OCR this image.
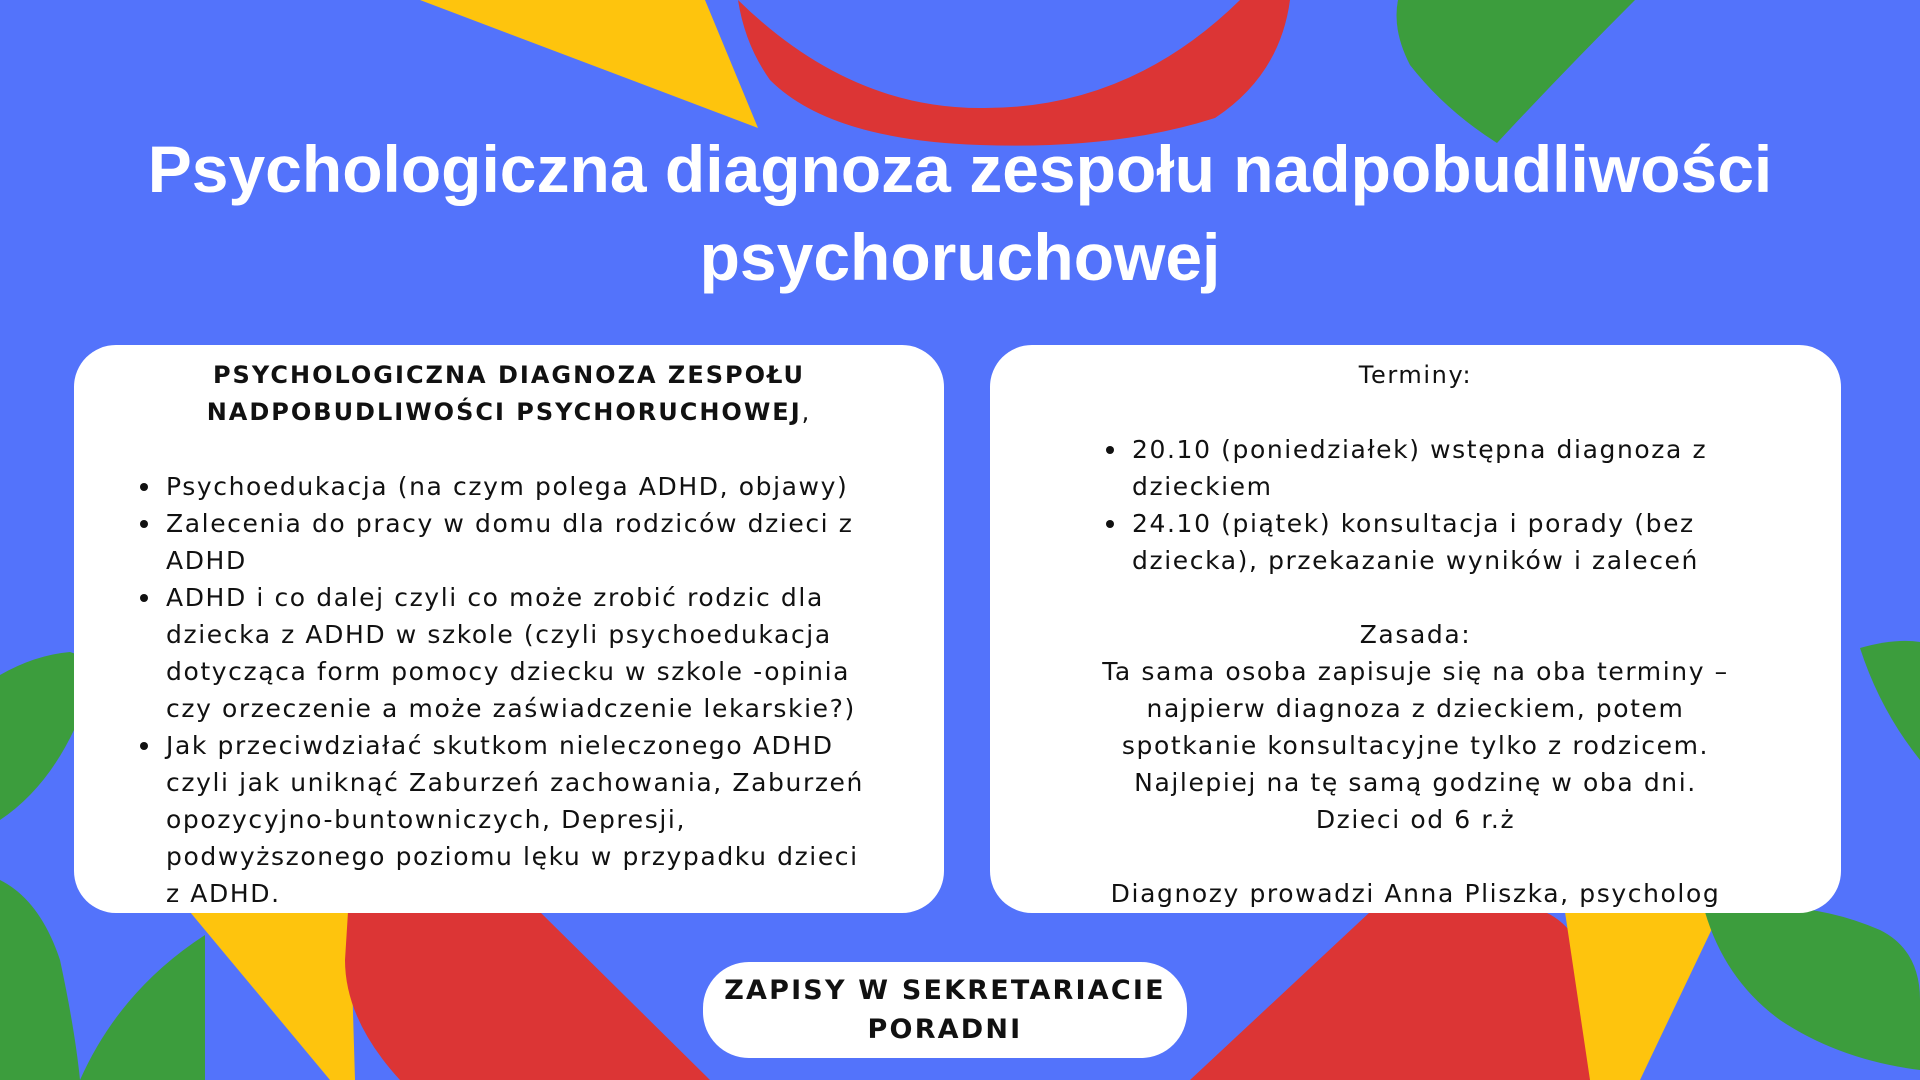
Psychologiczna diagnoza zespołu nadpobudliwości psychoruchowej

PSYCHOLOGICZNA DIAGNOZA ZESPOŁU NADPOBUDLIWOŚCI PSYCHORUCHOWEJ,

Psychoedukacja (na czym polega ADHD, objawy)
Zalecenia do pracy w domu dla rodziców dzieci z ADHD
ADHD i co dalej czyli co może zrobić rodzic dla dziecka z ADHD w szkole (czyli psychoedukacja dotycząca form pomocy dziecku w szkole -opinia czy orzeczenie a może zaświadczenie lekarskie?)
Jak przeciwdziałać skutkom nieleczonego ADHD czyli jak uniknąć Zaburzeń zachowania, Zaburzeń opozycyjno-buntowniczych, Depresji, podwyższonego poziomu lęku w przypadku dzieci z ADHD.
Terminy:
20.10 (poniedziałek) wstępna diagnoza z dzieckiem
24.10 (piątek) konsultacja i porady (bez dziecka), przekazanie wyników i zaleceń
Zasada:
Ta sama osoba zapisuje się na oba terminy –
najpierw diagnoza z dzieckiem, potem
spotkanie konsultacyjne tylko z rodzicem.
Najlepiej na tę samą godzinę w oba dni.
Dzieci od 6 r.ż
Diagnozy prowadzi Anna Pliszka, psycholog
ZAPISY W SEKRETARIACIE PORADNI
